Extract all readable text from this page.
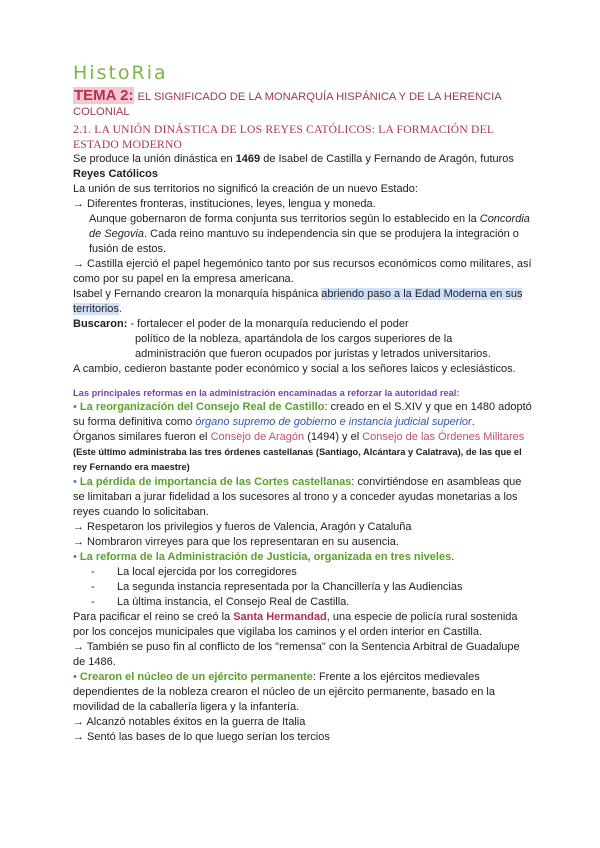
HistoRia
TEMA 2: EL SIGNIFICADO DE LA MONARQUÍA HISPÁNICA Y DE LA HERENCIA COLONIAL
2.1. LA UNIÓN DINÁSTICA DE LOS REYES CATÓLICOS: LA FORMACIÓN DEL ESTADO MODERNO
Se produce la unión dinástica en 1469 de Isabel de Castilla y Fernando de Aragón, futuros Reyes Católicos
La unión de sus territorios no significó la creación de un nuevo Estado:
→ Diferentes fronteras, instituciones, leyes, lengua y moneda.
Aunque gobernaron de forma conjunta sus territorios según lo establecido en la Concordia de Segovia. Cada reino mantuvo su independencia sin que se produjera la integración o fusión de estos.
→ Castilla ejerció el papel hegemónico tanto por sus recursos económicos como militares, así como por su papel en la empresa americana.
Isabel y Fernando crearon la monarquía hispánica abriendo paso a la Edad Moderna en sus territorios.
Buscaron: - fortalecer el poder de la monarquía reduciendo el poder
político de la nobleza, apartándola de los cargos superiores de la
administración que fueron ocupados por juristas y letrados universitarios.
A cambio, cedieron bastante poder económico y social a los señores laicos y eclesiásticos.
Las principales reformas en la administración encaminadas a reforzar la autoridad real:
• La reorganización del Consejo Real de Castillo: creado en el S.XIV y que en 1480 adoptó su forma definitiva como órgano supremo de gobierno e instancia judicial superior.
Órganos similares fueron el Consejo de Aragón (1494) y el Consejo de las Órdenes Militares (Este último administraba las tres órdenes castellanas (Santiago, Alcántara y Calatrava), de las que el rey Fernando era maestre)
• La pérdida de importancia de las Cortes castellanas: convirtiéndose en asambleas que se limitaban a jurar fidelidad a los sucesores al trono y a conceder ayudas monetarias a los reyes cuando lo solicitaban.
→ Respetaron los privilegios y fueros de Valencia, Aragón y Cataluña
→ Nombraron virreyes para que los representaran en su ausencia.
• La reforma de la Administración de Justicia, organizada en tres niveles.
- La local ejercida por los corregidores
- La segunda instancia representada por la Chancillería y las Audiencias
- La última instancia, el Consejo Real de Castilla.
Para pacificar el reino se creó la Santa Hermandad, una especie de policía rural sostenida por los concejos municipales que vigilaba los caminos y el orden interior en Castilla.
→ También se puso fin al conflicto de los "remensa" con la Sentencia Arbitral de Guadalupe de 1486.
• Crearon el núcleo de un ejército permanente: Frente a los ejércitos medievales dependientes de la nobleza crearon el núcleo de un ejército permanente, basado en la movilidad de la caballería ligera y la infantería.
→ Alcanzó notables éxitos en la guerra de Italia
→ Sentó las bases de lo que luego serían los tercios
